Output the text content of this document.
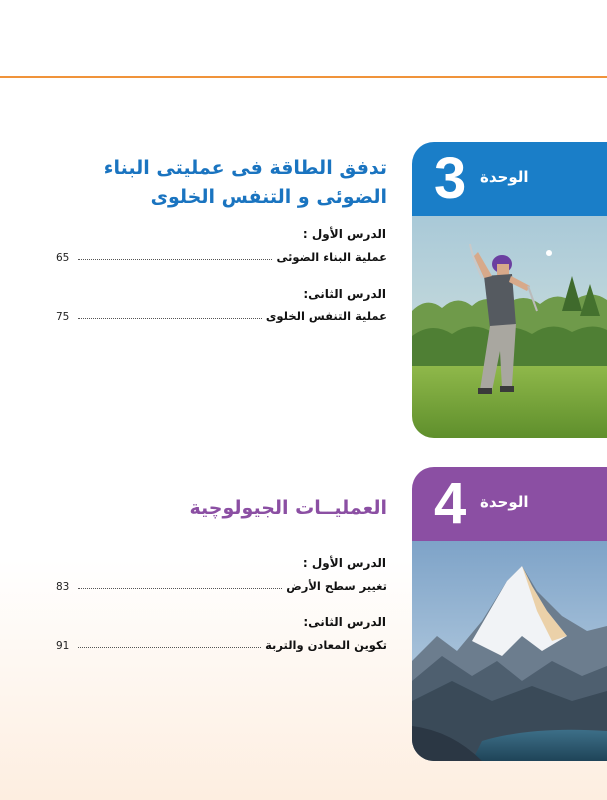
3 الوحدة
تدفق الطاقة فى عمليتى البناء الضوئى و التنفس الخلوى
الدرس الأول :
عملية البناء الضوئى
65
الدرس الثانى:
عملية التنفس الخلوى
75
4 الوحدة
العمليــات الجيولوچية
الدرس الأول :
تغيير سطح الأرض
83
الدرس الثانى:
تكوين المعادن والتربة
91
